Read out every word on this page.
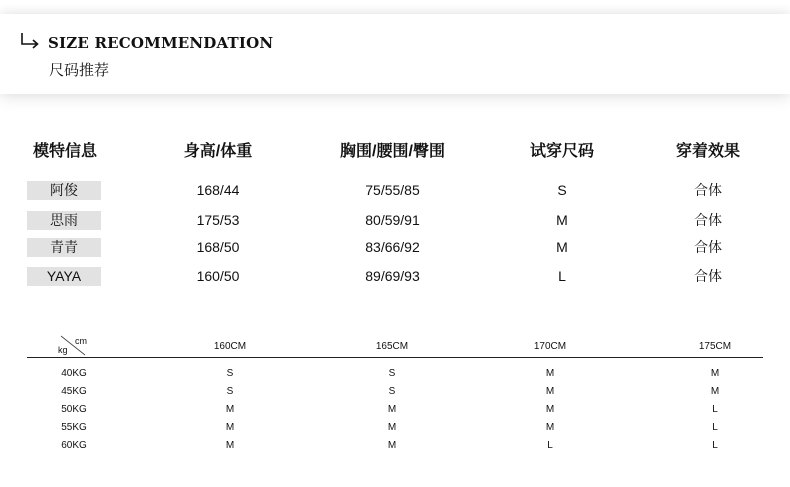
SIZE RECOMMENDATION
尺码推荐
模特信息	身高/体重	胸围/腰围/臀围	试穿尺码	穿着效果
阿俊	168/44	75/55/85	S	合体
思雨	175/53	80/59/91	M	合体
青青	168/50	83/66/92	M	合体
YAYA	160/50	89/69/93	L	合体
cm
kg	160CM	165CM	170CM	175CM
40KG	S	S	M	M
45KG	S	S	M	M
50KG	M	M	M	L
55KG	M	M	M	L
60KG	M	M	L	L
